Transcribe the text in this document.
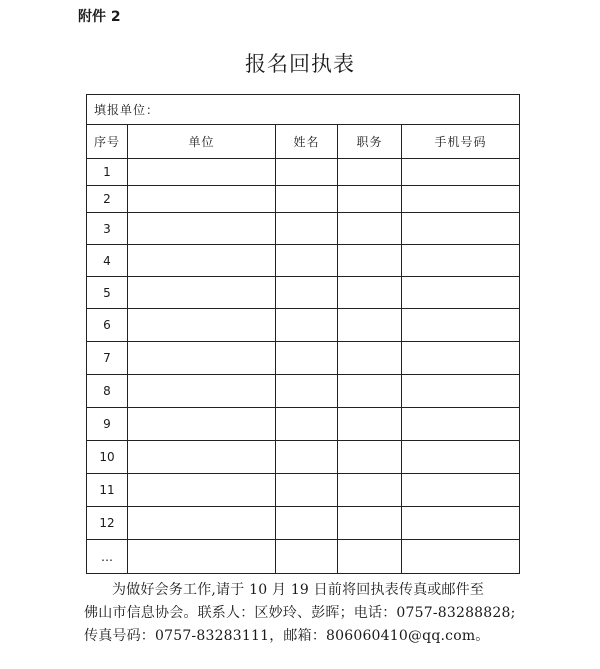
附件 2
报名回执表
填报单位：				
序号	单位	姓名	职务	手机号码
1				
2				
3				
4				
5				
6				
7				
8				
9				
10				
11				
12				
…				
为做好会务工作,请于 10 月 19 日前将回执表传真或邮件至
佛山市信息协会。联系人：区妙玲、彭晖；电话：0757-83288828;
传真号码：0757-83283111，邮箱：806060410@qq.com。
